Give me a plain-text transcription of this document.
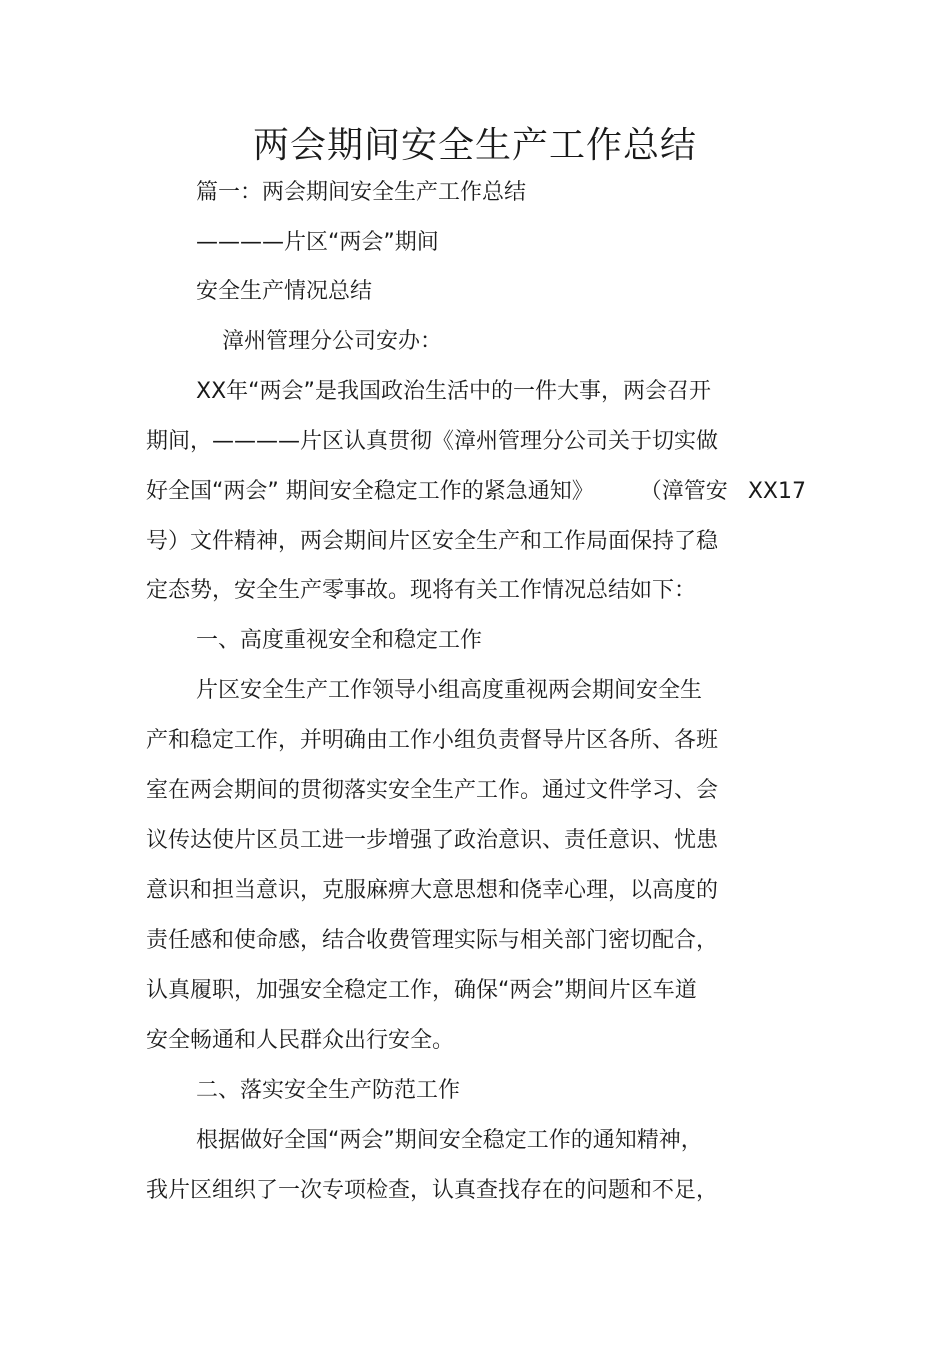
两会期间安全生产工作总结
篇一：两会期间安全生产工作总结
————片区“两会”期间
安全生产情况总结
漳州管理分公司安办：
XX年“两会”是我国政治生活中的一件大事，两会召开
期间，————片区认真贯彻《漳州管理分公司关于切实做
好全国“两会” 期间安全稳定工作的紧急通知》 （漳管安 XX17
号）文件精神，两会期间片区安全生产和工作局面保持了稳
定态势，安全生产零事故。现将有关工作情况总结如下：
一、高度重视安全和稳定工作
片区安全生产工作领导小组高度重视两会期间安全生
产和稳定工作，并明确由工作小组负责督导片区各所、各班
室在两会期间的贯彻落实安全生产工作。通过文件学习、会
议传达使片区员工进一步增强了政治意识、责任意识、忧患
意识和担当意识，克服麻痹大意思想和侥幸心理，以高度的
责任感和使命感，结合收费管理实际与相关部门密切配合，
认真履职，加强安全稳定工作，确保“两会”期间片区车道
安全畅通和人民群众出行安全。
二、落实安全生产防范工作
根据做好全国“两会”期间安全稳定工作的通知精神，
我片区组织了一次专项检查，认真查找存在的问题和不足，
